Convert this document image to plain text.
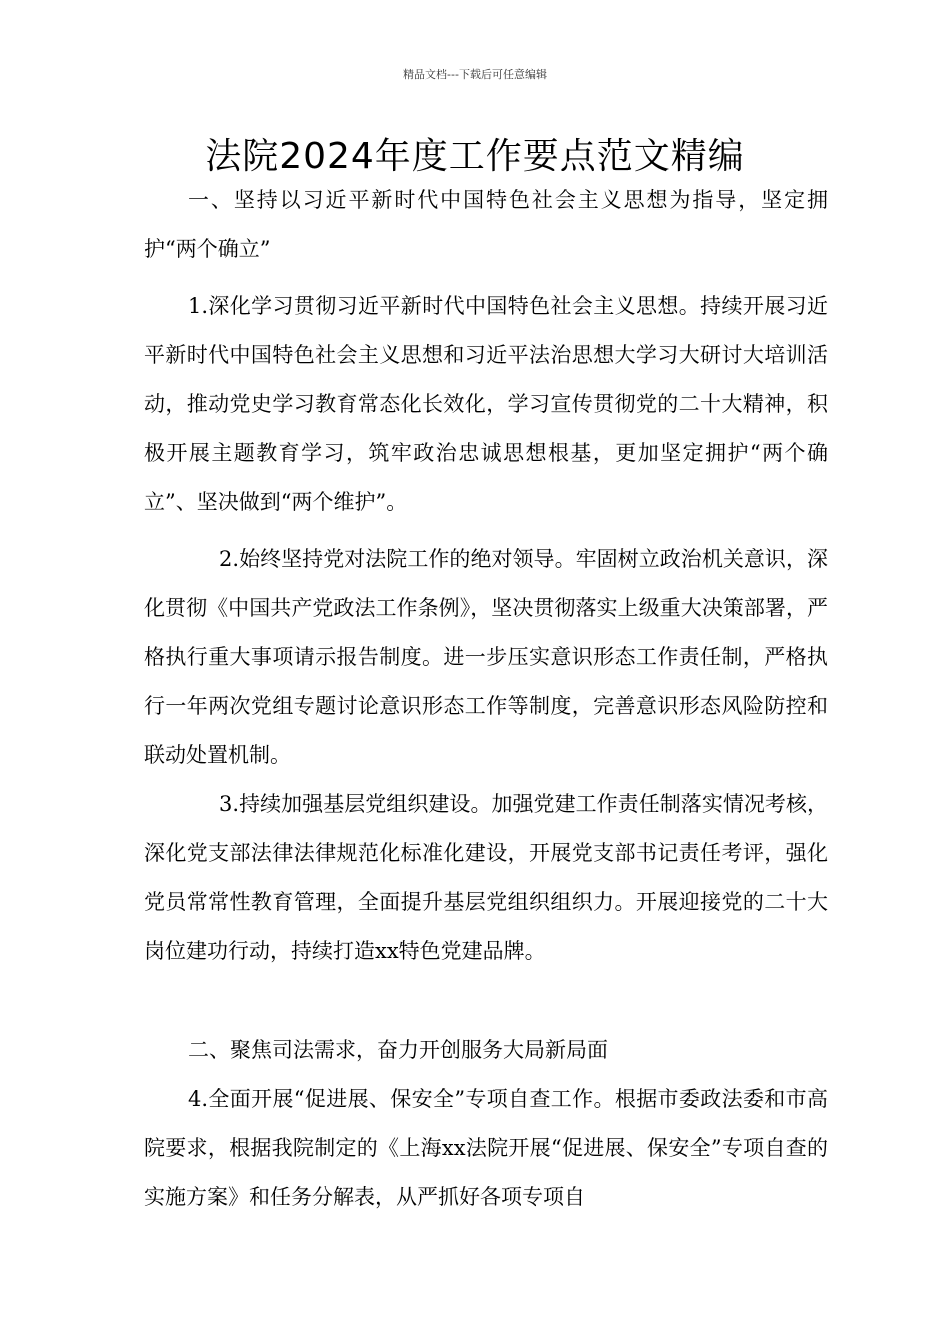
精品文档---下载后可任意编辑
法院2024年度工作要点范文精编

一、坚持以习近平新时代中国特色社会主义思想为指导，坚定拥护“两个确立”

1.深化学习贯彻习近平新时代中国特色社会主义思想。持续开展习近平新时代中国特色社会主义思想和习近平法治思想大学习大研讨大培训活动，推动党史学习教育常态化长效化，学习宣传贯彻党的二十大精神，积极开展主题教育学习，筑牢政治忠诚思想根基，更加坚定拥护“两个确立”、坚决做到“两个维护”。

2.始终坚持党对法院工作的绝对领导。牢固树立政治机关意识，深化贯彻《中国共产党政法工作条例》，坚决贯彻落实上级重大决策部署，严格执行重大事项请示报告制度。进一步压实意识形态工作责任制，严格执行一年两次党组专题讨论意识形态工作等制度，完善意识形态风险防控和联动处置机制。

3.持续加强基层党组织建设。加强党建工作责任制落实情况考核，深化党支部法律法律规范化标准化建设，开展党支部书记责任考评，强化党员常常性教育管理，全面提升基层党组织组织力。开展迎接党的二十大岗位建功行动，持续打造xx特色党建品牌。

二、聚焦司法需求，奋力开创服务大局新局面

4.全面开展“促进展、保安全”专项自查工作。根据市委政法委和市高院要求，根据我院制定的《上海xx法院开展“促进展、保安全”专项自查的实施方案》和任务分解表，从严抓好各项专项自
